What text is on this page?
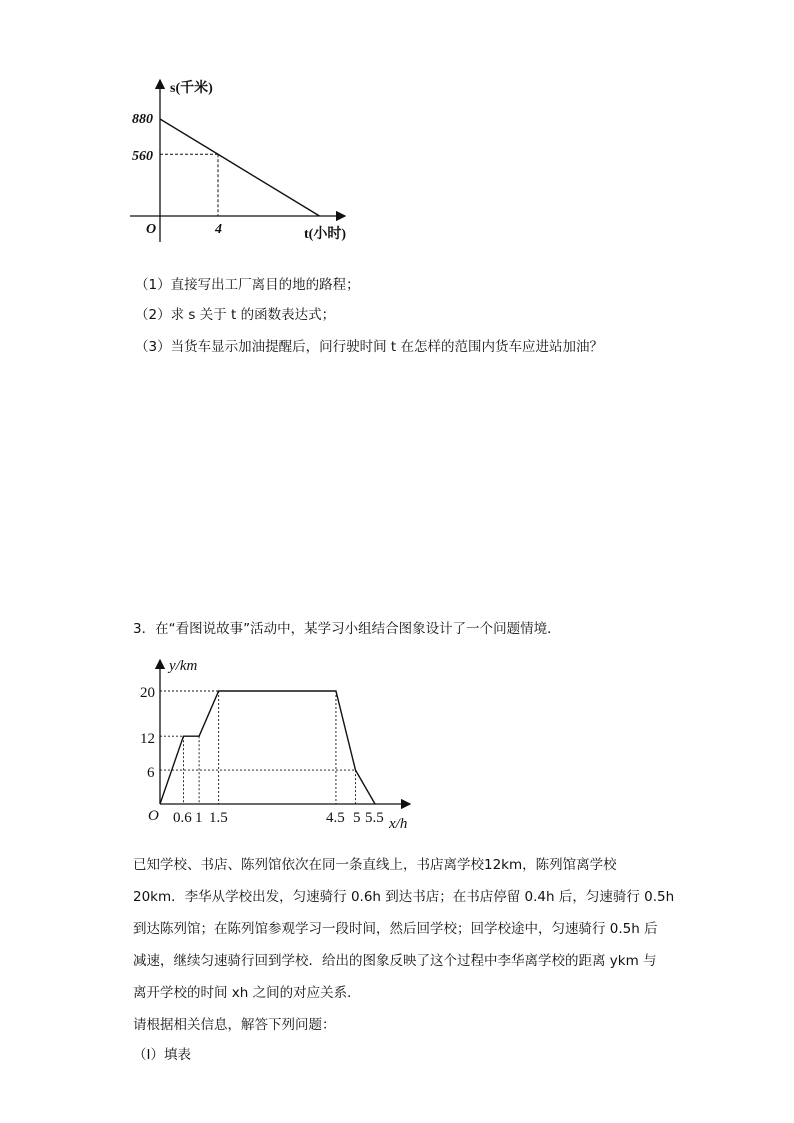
s(千米)
t(小时)
O
880
560
4
（1）直接写出工厂离目的地的路程；
（2）求 s 关于 t 的函数表达式；
（3）当货车显示加油提醒后，问行驶时间 t 在怎样的范围内货车应进站加油？
3．在“看图说故事”活动中，某学习小组结合图象设计了一个问题情境．
y/km
x/h
O
20
12
6
0.6 1 1.5	4.5 5 5.5
已知学校、书店、陈列馆依次在同一条直线上，书店离学校12km，陈列馆离学校
20km．李华从学校出发，匀速骑行 0.6h 到达书店；在书店停留 0.4h 后，匀速骑行 0.5h
到达陈列馆；在陈列馆参观学习一段时间，然后回学校；回学校途中，匀速骑行 0.5h 后
减速，继续匀速骑行回到学校．给出的图象反映了这个过程中李华离学校的距离 ykm 与
离开学校的时间 xh 之间的对应关系．
请根据相关信息，解答下列问题：
（Ⅰ）填表
